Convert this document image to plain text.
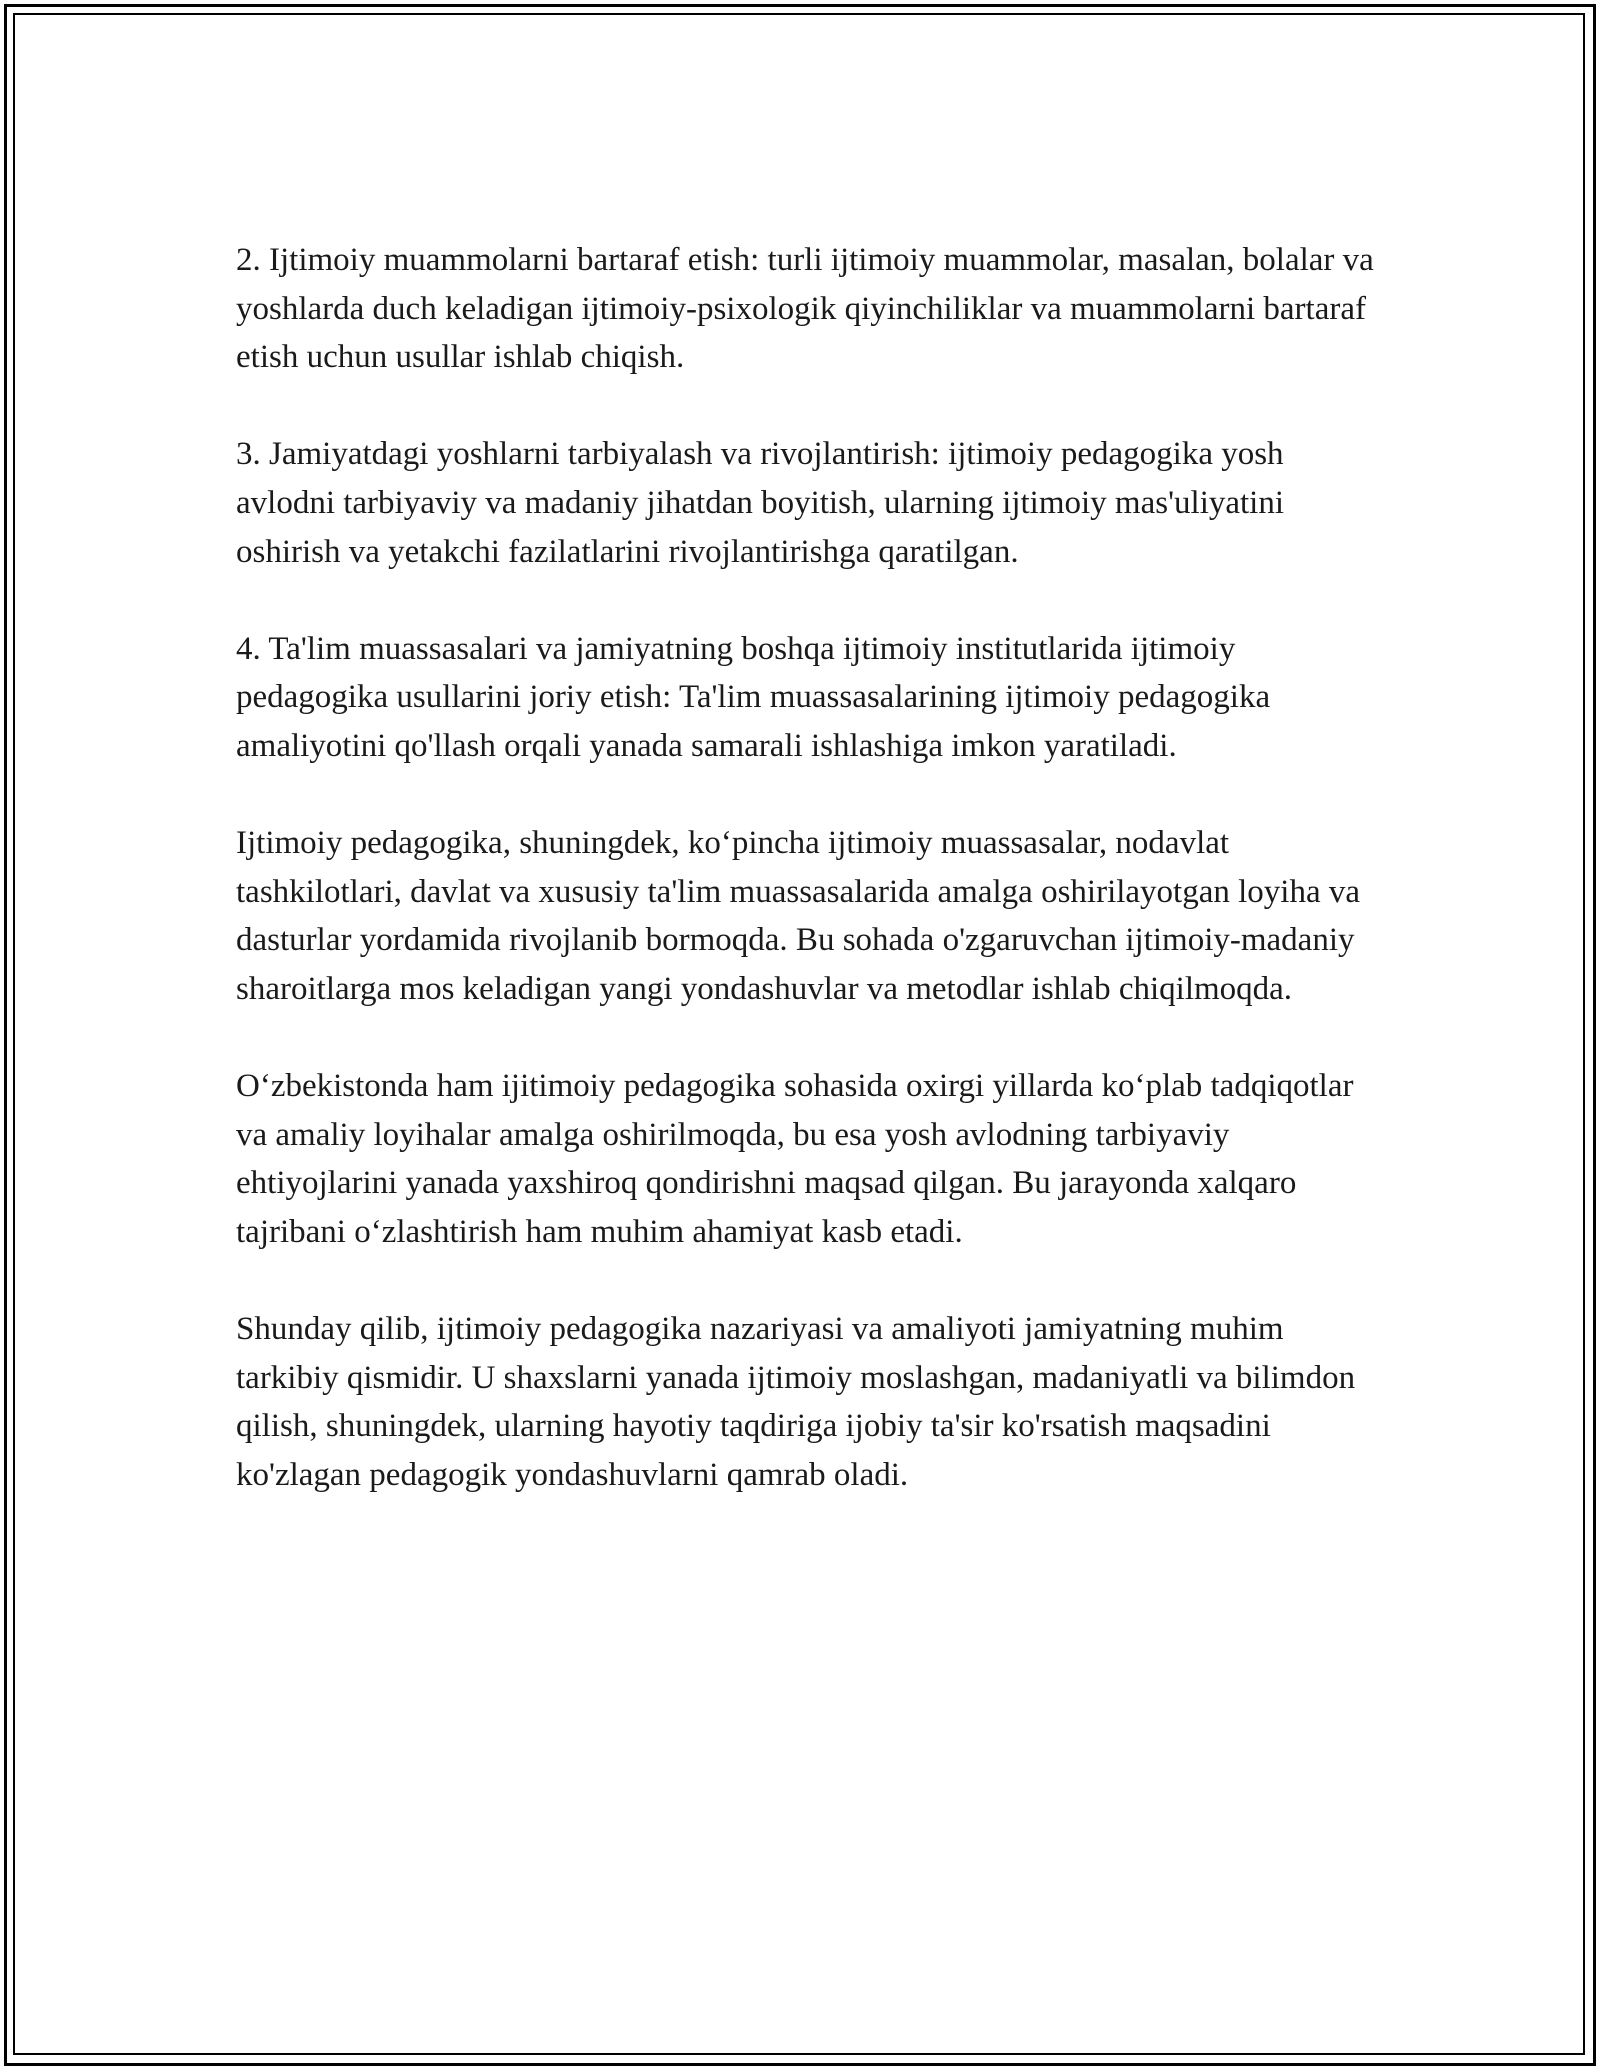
2. Ijtimoiy muammolarni bartaraf etish: turli ijtimoiy muammolar, masalan, bolalar va yoshlarda duch keladigan ijtimoiy-psixologik qiyinchiliklar va muammolarni bartaraf etish uchun usullar ishlab chiqish.

3. Jamiyatdagi yoshlarni tarbiyalash va rivojlantirish: ijtimoiy pedagogika yosh avlodni tarbiyaviy va madaniy jihatdan boyitish, ularning ijtimoiy mas'uliyatini oshirish va yetakchi fazilatlarini rivojlantirishga qaratilgan.

4. Ta'lim muassasalari va jamiyatning boshqa ijtimoiy institutlarida ijtimoiy pedagogika usullarini joriy etish: Ta'lim muassasalarining ijtimoiy pedagogika amaliyotini qo'llash orqali yanada samarali ishlashiga imkon yaratiladi.

Ijtimoiy pedagogika, shuningdek, ko‘pincha ijtimoiy muassasalar, nodavlat tashkilotlari, davlat va xususiy ta'lim muassasalarida amalga oshirilayotgan loyiha va dasturlar yordamida rivojlanib bormoqda. Bu sohada o'zgaruvchan ijtimoiy-madaniy sharoitlarga mos keladigan yangi yondashuvlar va metodlar ishlab chiqilmoqda.

O‘zbekistonda ham ijitimoiy pedagogika sohasida oxirgi yillarda ko‘plab tadqiqotlar va amaliy loyihalar amalga oshirilmoqda, bu esa yosh avlodning tarbiyaviy ehtiyojlarini yanada yaxshiroq qondirishni maqsad qilgan. Bu jarayonda xalqaro tajribani o‘zlashtirish ham muhim ahamiyat kasb etadi.

Shunday qilib, ijtimoiy pedagogika nazariyasi va amaliyoti jamiyatning muhim tarkibiy qismidir. U shaxslarni yanada ijtimoiy moslashgan, madaniyatli va bilimdon qilish, shuningdek, ularning hayotiy taqdiriga ijobiy ta'sir ko'rsatish maqsadini ko'zlagan pedagogik yondashuvlarni qamrab oladi.
